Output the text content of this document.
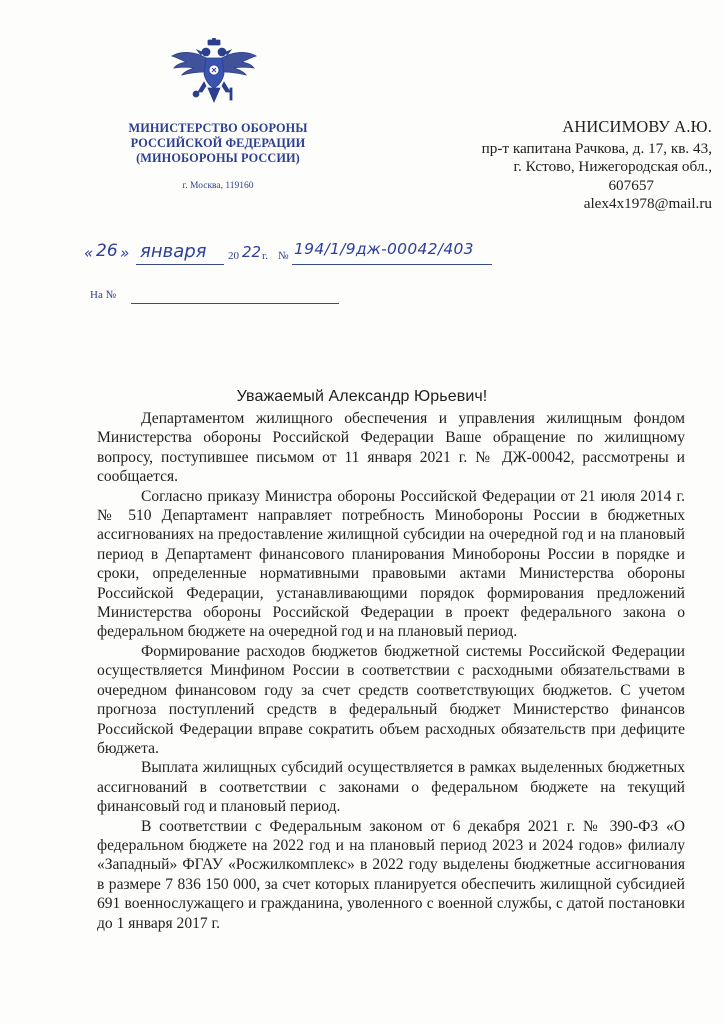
МИНИСТЕРСТВО ОБОРОНЫ
РОССИЙСКОЙ ФЕДЕРАЦИИ
(МИНОБОРОНЫ РОССИИ)
г. Москва, 119160
АНИСИМОВУ А.Ю.
пр-т капитана Рачкова, д. 17, кв. 43,
г. Кстово, Нижегородская обл.,
607657
alex4x1978@mail.ru
« 26 » января 20 22 г. № 194/1/9дж-00042/403
На №
Уважаемый Александр Юрьевич!

Департаментом жилищного обеспечения и управления жилищным фондом Министерства обороны Российской Федерации Ваше обращение по жилищному вопросу, поступившее письмом от 11 января 2021 г. № ДЖ-00042, рассмотрены и сообщается.

Согласно приказу Министра обороны Российской Федерации от 21 июля 2014 г. № 510 Департамент направляет потребность Минобороны России в бюджетных ассигнованиях на предоставление жилищной субсидии на очередной год и на плановый период в Департамент финансового планирования Минобороны России в порядке и сроки, определенные нормативными правовыми актами Министерства обороны Российской Федерации, устанавливающими порядок формирования предложений Министерства обороны Российской Федерации в проект федерального закона о федеральном бюджете на очередной год и на плановый период.

Формирование расходов бюджетов бюджетной системы Российской Федерации осуществляется Минфином России в соответствии с расходными обязательствами в очередном финансовом году за счет средств соответствующих бюджетов. С учетом прогноза поступлений средств в федеральный бюджет Министерство финансов Российской Федерации вправе сократить объем расходных обязательств при дефиците бюджета.

Выплата жилищных субсидий осуществляется в рамках выделенных бюджетных ассигнований в соответствии с законами о федеральном бюджете на текущий финансовый год и плановый период.

В соответствии с Федеральным законом от 6 декабря 2021 г. № 390-ФЗ «О федеральном бюджете на 2022 год и на плановый период 2023 и 2024 годов» филиалу «Западный» ФГАУ «Росжилкомплекс» в 2022 году выделены бюджетные ассигнования в размере 7 836 150 000, за счет которых планируется обеспечить жилищной субсидией 691 военнослужащего и гражданина, уволенного с военной службы, с датой постановки до 1 января 2017 г.
